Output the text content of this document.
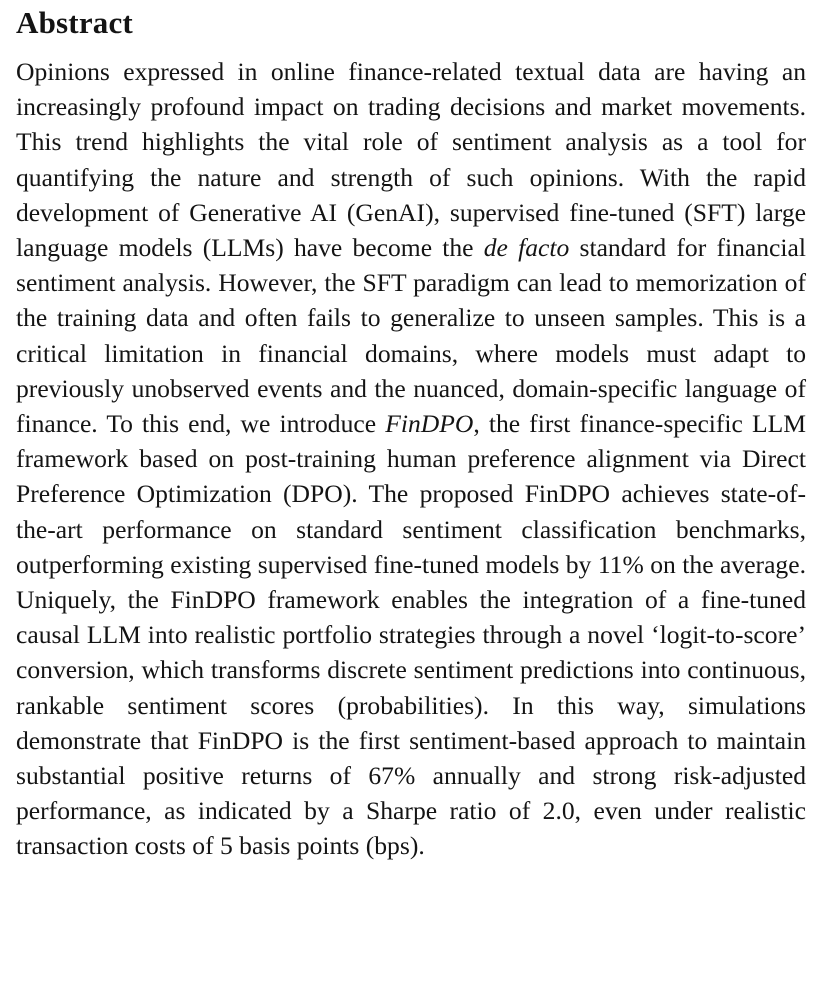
Abstract

Opinions expressed in online finance-related textual data are having an increasingly profound impact on trading decisions and market movements. This trend highlights the vital role of sentiment analysis as a tool for quantifying the nature and strength of such opinions. With the rapid development of Generative AI (GenAI), supervised fine-tuned (SFT) large language models (LLMs) have become the de facto standard for financial sentiment analysis. However, the SFT paradigm can lead to memorization of the training data and often fails to generalize to unseen samples. This is a critical limitation in financial domains, where models must adapt to previously unobserved events and the nuanced, domain-specific language of finance. To this end, we introduce FinDPO, the first finance-specific LLM framework based on post-training human preference alignment via Direct Preference Optimization (DPO). The proposed FinDPO achieves state-of-the-art performance on standard sentiment classification benchmarks, outperforming existing supervised fine-tuned models by 11% on the average. Uniquely, the FinDPO framework enables the integration of a fine-tuned causal LLM into realistic portfolio strategies through a novel ‘logit-to-score’ conversion, which transforms discrete sentiment predictions into continuous, rankable sentiment scores (probabilities). In this way, simulations demonstrate that FinDPO is the first sentiment-based approach to maintain substantial positive returns of 67% annually and strong risk-adjusted performance, as indicated by a Sharpe ratio of 2.0, even under realistic transaction costs of 5 basis points (bps).
